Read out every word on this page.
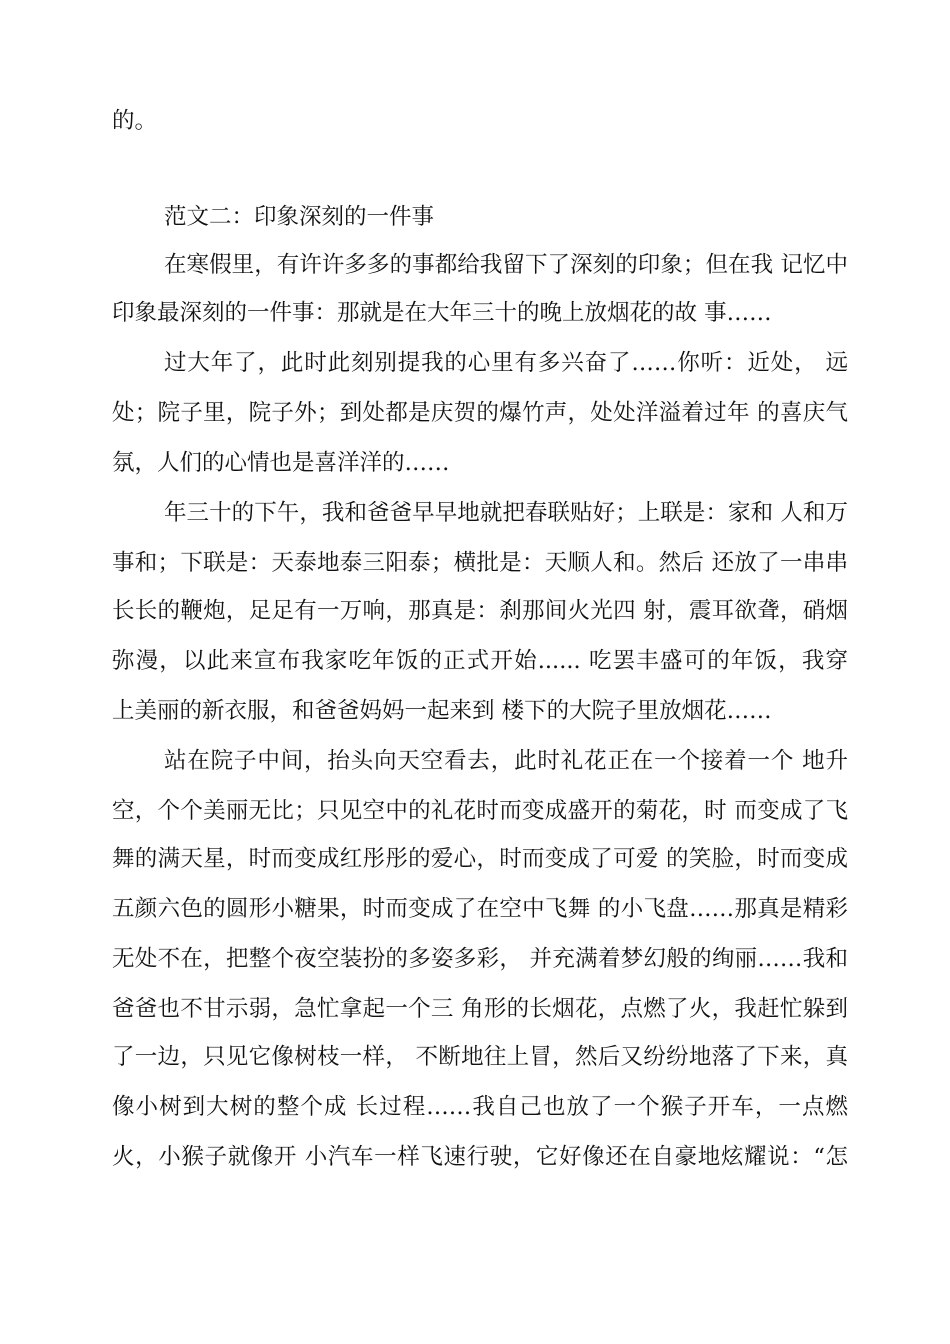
的。
范文二：印象深刻的一件事
在寒假里，有许许多多的事都给我留下了深刻的印象；但在我 记忆中
印象最深刻的一件事：那就是在大年三十的晚上放烟花的故 事……
过大年了，此时此刻别提我的心里有多兴奋了……你听：近处， 远
处；院子里，院子外；到处都是庆贺的爆竹声，处处洋溢着过年 的喜庆气
氛，人们的心情也是喜洋洋的……
年三十的下午，我和爸爸早早地就把春联贴好；上联是：家和 人和万
事和；下联是：天泰地泰三阳泰；横批是：天顺人和。然后 还放了一串串
长长的鞭炮，足足有一万响，那真是：刹那间火光四 射，震耳欲聋，硝烟
弥漫，以此来宣布我家吃年饭的正式开始...... 吃罢丰盛可的年饭，我穿
上美丽的新衣服，和爸爸妈妈一起来到 楼下的大院子里放烟花……
站在院子中间，抬头向天空看去，此时礼花正在一个接着一个 地升
空，个个美丽无比；只见空中的礼花时而变成盛开的菊花，时 而变成了飞
舞的满天星，时而变成红彤彤的爱心，时而变成了可爱 的笑脸，时而变成
五颜六色的圆形小糖果，时而变成了在空中飞舞 的小飞盘……那真是精彩
无处不在，把整个夜空装扮的多姿多彩， 并充满着梦幻般的绚丽……我和
爸爸也不甘示弱，急忙拿起一个三 角形的长烟花，点燃了火，我赶忙躲到
了一边，只见它像树枝一样， 不断地往上冒，然后又纷纷地落了下来，真
像小树到大树的整个成 长过程……我自己也放了一个猴子开车，一点燃
火，小猴子就像开 小汽车一样飞速行驶，它好像还在自豪地炫耀说：“怎
